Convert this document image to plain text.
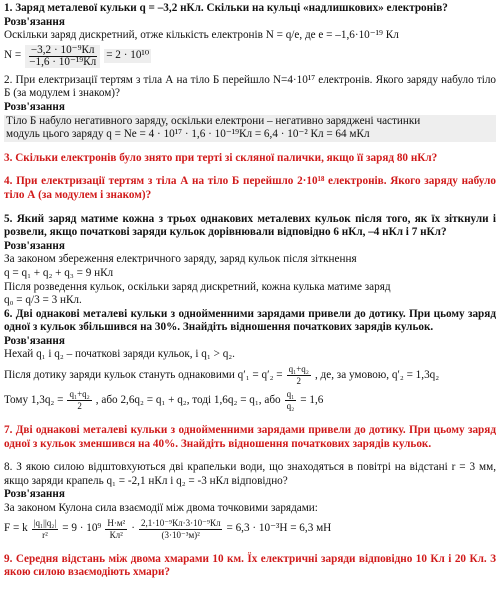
1. Заряд металевої кульки q = –3,2 нКл. Скільки на кульці «надлишкових» електронів?

Розв'язання

Оскільки заряд дискретний, отже кількість електронів N = q/e, де е = –1,6·10⁻¹⁹ Кл

$N = \frac{\text{−3,2 · 10⁻⁹Кл}}{\text{−1,6 · 10⁻¹⁹Кл}} = 2 \cdot 10^{10}$

2. При електризації тертям з тіла А на тіло Б перейшло N=4·10¹⁷ електронів. Якого заряду набуло тіло Б (за модулем і знаком)?

Розв'язання

Тіло Б набуло негативного заряду, оскільки електрони – негативно заряджені частинки

модуль цього заряду q = Ne = 4 · 10¹⁷ · 1,6 · 10⁻¹⁹Кл = 6,4 · 10⁻² Кл = 64 мКл

3. Скільки електронів було знято при терті зі скляної палички, якщо її заряд 80 нКл?

4. При електризації тертям з тіла А на тіло Б перейшло 2·10¹⁸ електронів. Якого заряду набуло тіло А (за модулем і знаком)?

5. Який заряд матиме кожна з трьох однакових металевих кульок після того, як їх зіткнули і розвели, якщо початкові заряди кульок дорівнювали відповідно 6 нКл, –4 нКл і 7 нКл?

Розв'язання

За законом збереження електричного заряду, заряд кульок після зіткнення

q = q₁ + q₂ + q₃ = 9 нКл

Після розведення кульок, оскільки заряд дискретний, кожна кулька матиме заряд

q₀ = q/3 = 3 нКл.

6. Дві однакові металеві кульки з однойменними зарядами привели до дотику. При цьому заряд одної з кульок збільшився на 30%. Знайдіть відношення початкових зарядів кульок.

Розв'язання

Нехай q₁ і q₂ – початкові заряди кульок, і q₁ > q₂.

Після дотику заряди кульок стануть однаковими $q'_1 = q'_2 = \frac{\text{q₁+q₂}}{2}$ , де, за умовою, q′₂ = 1,3q₂
Тому $1,3q_2 = \frac{\text{q₁+q₂}}{2}$ , або 2,6q₂ = q₁ + q₂, тоді 1,6q₂ = q₁, або $\frac{\text{q₁}}{\text{q₂}} = 1,6$

7. Дві однакові металеві кульки з однойменними зарядами привели до дотику. При цьому заряд одної з кульок зменшився на 40%. Знайдіть відношення початкових зарядів кульок.

8. З якою силою відштовхуються дві крапельки води, що знаходяться в повітрі на відстані r = 3 мм, якщо заряди крапель q₁ = -2,1 нКл і q₂ = -3 нКл відповідно?

Розв'язання

За законом Кулона сила взаємодії між двома точковими зарядами:

F = k $\frac{\text{|q₁||q₂|}}{\text{r²}} = 9 \cdot 10^9 \frac{\text{Н·м²}}{\text{Кл²}} \cdot \frac{\text{2,1·10⁻⁹Кл·3·10⁻⁹Кл}}{\text{(3·10⁻³м)²}} = 6,3 \cdot 10^{-3}Н = 6,3$ мН

9. Середня відстань між двома хмарами 10 км. Їх електричні заряди відповідно 10 Кл і 20 Кл. З якою силою взаємодіють хмари?
